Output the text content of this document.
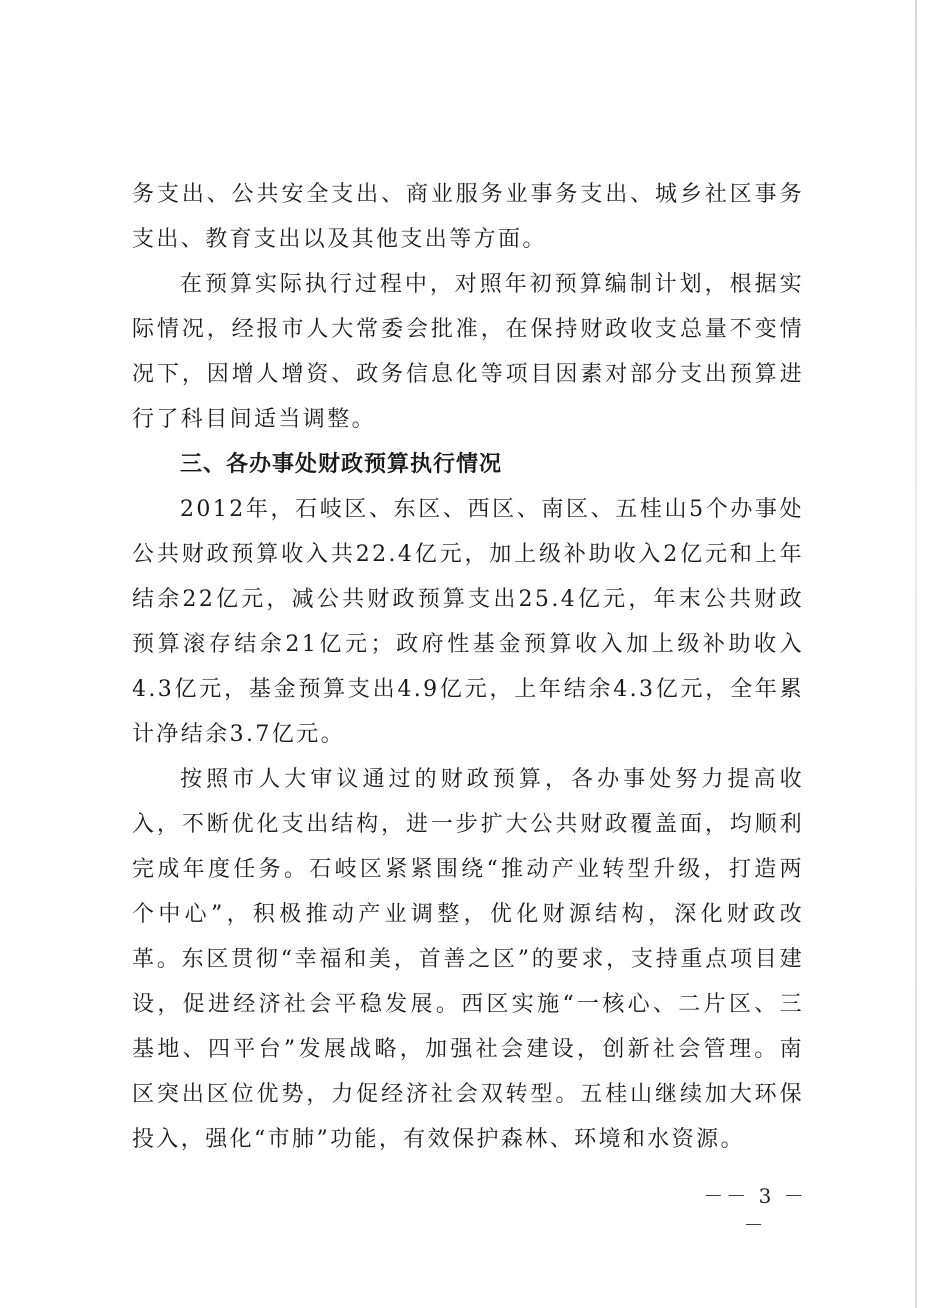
务支出、公共安全支出、商业服务业事务支出、城乡社区事务支出、教育支出以及其他支出等方面。

在预算实际执行过程中，对照年初预算编制计划，根据实际情况，经报市人大常委会批准，在保持财政收支总量不变情况下，因增人增资、政务信息化等项目因素对部分支出预算进行了科目间适当调整。

三、各办事处财政预算执行情况

2012年，石岐区、东区、西区、南区、五桂山5个办事处公共财政预算收入共22.4亿元，加上级补助收入2亿元和上年结余22亿元，减公共财政预算支出25.4亿元，年末公共财政预算滚存结余21亿元；政府性基金预算收入加上级补助收入4.3亿元，基金预算支出4.9亿元，上年结余4.3亿元，全年累计净结余3.7亿元。

按照市人大审议通过的财政预算，各办事处努力提高收入，不断优化支出结构，进一步扩大公共财政覆盖面，均顺利完成年度任务。石岐区紧紧围绕“推动产业转型升级，打造两个中心”，积极推动产业调整，优化财源结构，深化财政改革。东区贯彻“幸福和美，首善之区”的要求，支持重点项目建设，促进经济社会平稳发展。西区实施“一核心、二片区、三基地、四平台”发展战略，加强社会建设，创新社会管理。南区突出区位优势，力促经济社会双转型。五桂山继续加大环保投入，强化“市肺”功能，有效保护森林、环境和水资源。

－－ 3 －－
